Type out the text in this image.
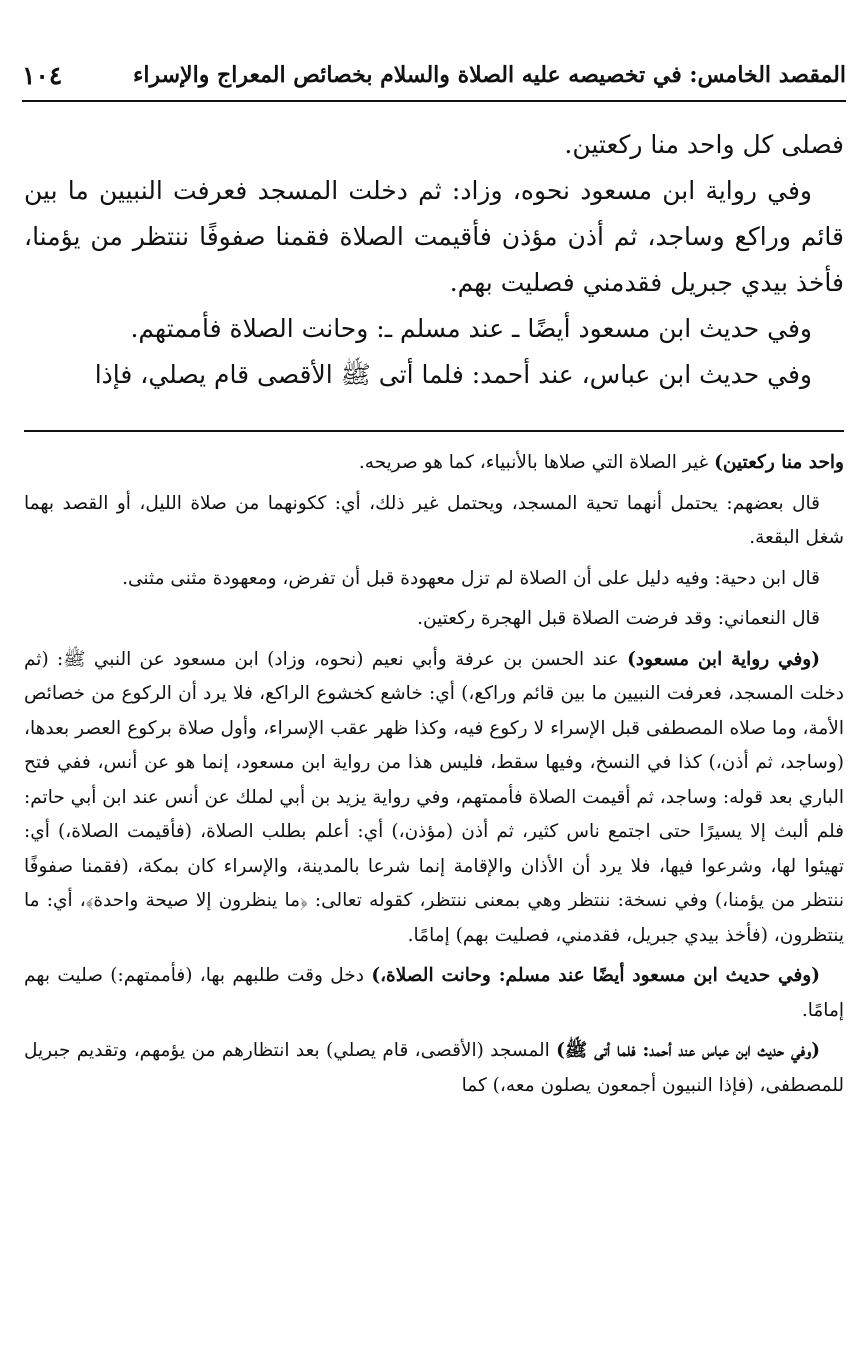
المقصد الخامس: في تخصيصه عليه الصلاة والسلام بخصائص المعراج والإسراء
١٠٤

فصلى كل واحد منا ركعتين.

وفي رواية ابن مسعود نحوه، وزاد: ثم دخلت المسجد فعرفت النبيين ما بين قائم وراكع وساجد، ثم أذن مؤذن فأقيمت الصلاة فقمنا صفوفًا ننتظر من يؤمنا، فأخذ بيدي جبريل فقدمني فصليت بهم.

وفي حديث ابن مسعود أيضًا ـ عند مسلم ـ: وحانت الصلاة فأممتهم.

وفي حديث ابن عباس، عند أحمد: فلما أتى ﷺ الأقصى قام يصلي، فإذا

واحد منا ركعتين) غير الصلاة التي صلاها بالأنبياء، كما هو صريحه.

قال بعضهم: يحتمل أنهما تحية المسجد، ويحتمل غير ذلك، أي: ككونهما من صلاة الليل، أو القصد بهما شغل البقعة.

قال ابن دحية: وفيه دليل على أن الصلاة لم تزل معهودة قبل أن تفرض، ومعهودة مثنى مثنى.

قال النعماني: وقد فرضت الصلاة قبل الهجرة ركعتين.

(وفي رواية ابن مسعود) عند الحسن بن عرفة وأبي نعيم (نحوه، وزاد) ابن مسعود عن النبي ﷺ: (ثم دخلت المسجد، فعرفت النبيين ما بين قائم وراكع،) أي: خاشع كخشوع الراكع، فلا يرد أن الركوع من خصائص الأمة، وما صلاه المصطفى قبل الإسراء لا ركوع فيه، وكذا ظهر عقب الإسراء، وأول صلاة بركوع العصر بعدها، (وساجد، ثم أذن،) كذا في النسخ، وفيها سقط، فليس هذا من رواية ابن مسعود، إنما هو عن أنس، ففي فتح الباري بعد قوله: وساجد، ثم أقيمت الصلاة فأممتهم، وفي رواية يزيد بن أبي لملك عن أنس عند ابن أبي حاتم: فلم ألبث إلا يسيرًا حتى اجتمع ناس كثير، ثم أذن (مؤذن،) أي: أعلم بطلب الصلاة، (فأقيمت الصلاة،) أي: تهيئوا لها، وشرعوا فيها، فلا يرد أن الأذان والإقامة إنما شرعا بالمدينة، والإسراء كان بمكة، (فقمنا صفوفًا ننتظر من يؤمنا،) وفي نسخة: ننتظر وهي بمعنى ننتظر، كقوله تعالى: ﴿ما ينظرون إلا صيحة واحدة﴾، أي: ما ينتظرون، (فأخذ بيدي جبريل، فقدمني، فصليت بهم) إمامًا.

(وفي حديث ابن مسعود أيضًا عند مسلم: وحانت الصلاة،) دخل وقت طلبهم بها، (فأممتهم:) صليت بهم إمامًا.

(وفي حديث ابن عباس عند أحمد: فلما أتى ﷺ) المسجد (الأقصى، قام يصلي) بعد انتظارهم من يؤمهم، وتقديم جبريل للمصطفى، (فإذا النبيون أجمعون يصلون معه،) كما
